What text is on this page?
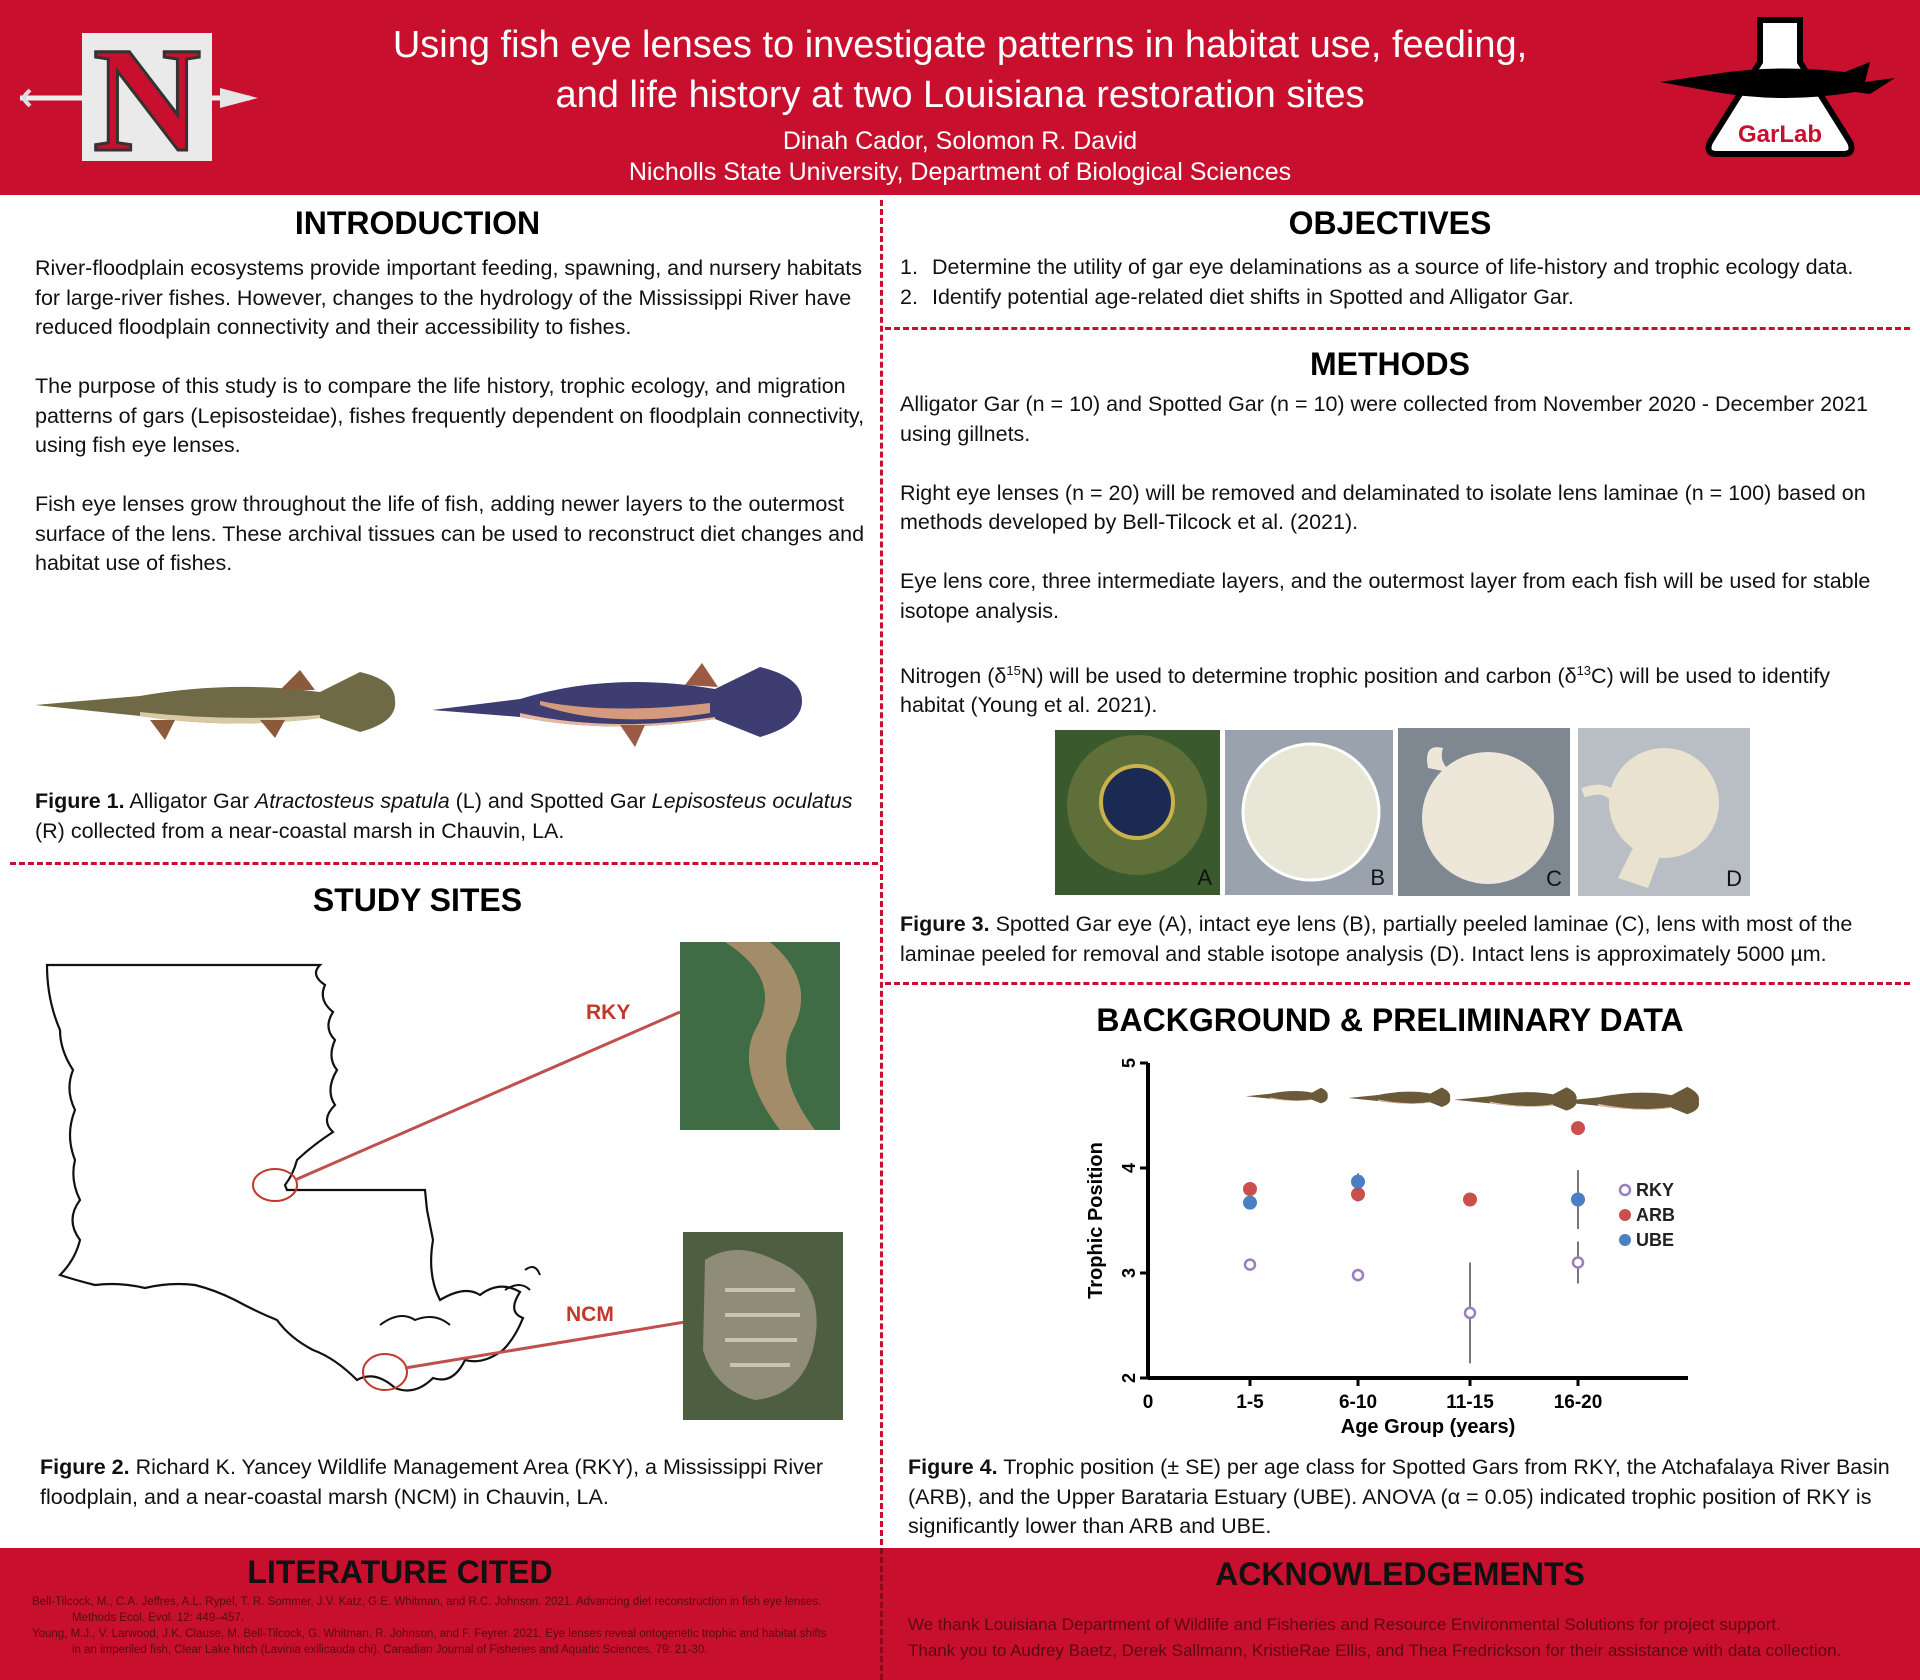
N	Using fish eye lenses to investigate patterns in habitat use, feeding,
and life history at two Louisiana restoration sites
Dinah Cador, Solomon R. David
Nicholls State University, Department of Biological Sciences
GarLab
INTRODUCTION

River-floodplain ecosystems provide important feeding, spawning, and nursery habitats for large-river fishes. However, changes to the hydrology of the Mississippi River have reduced floodplain connectivity and their accessibility to fishes.

The purpose of this study is to compare the life history, trophic ecology, and migration patterns of gars (Lepisosteidae), fishes frequently dependent on floodplain connectivity, using fish eye lenses.

Fish eye lenses grow throughout the life of fish, adding newer layers to the outermost surface of the lens. These archival tissues can be used to reconstruct diet changes and habitat use of fishes.

Figure 1. Alligator Gar Atractosteus spatula (L) and Spotted Gar Lepisosteus oculatus (R) collected from a near-coastal marsh in Chauvin, LA.
STUDY SITES
RKY
NCM
Figure 2. Richard K. Yancey Wildlife Management Area (RKY), a Mississippi River floodplain, and a near-coastal marsh (NCM) in Chauvin, LA.
OBJECTIVES
1. Determine the utility of gar eye delaminations as a source of life-history and trophic ecology data.
2. Identify potential age-related diet shifts in Spotted and Alligator Gar.
METHODS

Alligator Gar (n = 10) and Spotted Gar (n = 10) were collected from November 2020 - December 2021 using gillnets.

Right eye lenses (n = 20) will be removed and delaminated to isolate lens laminae (n = 100) based on methods developed by Bell-Tilcock et al. (2021).

Eye lens core, three intermediate layers, and the outermost layer from each fish will be used for stable isotope analysis.

Nitrogen $(\delta^{15}N)$ will be used to determine trophic position and carbon $(\delta^{13}C)$ will be used to identify habitat (Young et al. 2021).

A	B	C	D
Figure 3. Spotted Gar eye (A), intact eye lens (B), partially peeled laminae (C), lens with most of the laminae peeled for removal and stable isotope analysis (D). Intact lens is approximately 5000 µm.
BACKGROUND & PRELIMINARY DATA
2
3
4
5
0	1-5	6-10	11-15	16-20
Age Group (years)
Trophic Position	RKY
ARB
UBE
Figure 4. Trophic position (± SE) per age class for Spotted Gars from RKY, the Atchafalaya River Basin (ARB), and the Upper Barataria Estuary (UBE). ANOVA (α = 0.05) indicated trophic position of RKY is significantly lower than ARB and UBE.
LITERATURE CITED
Bell-Tilcock, M., C.A. Jeffres, A.L. Rypel, T. R. Sommer, J.V. Katz, G.E. Whitman, and R.C. Johnson. 2021. Advancing diet reconstruction in fish eye lenses. Methods Ecol. Evol. 12: 449–457.
Young, M.J., V. Larwood, J.K. Clause, M. Bell-Tilcock, G. Whitman, R. Johnson, and F. Feyrer. 2021. Eye lenses reveal ontogenetic trophic and habitat shifts in an imperiled fish, Clear Lake hitch (Lavinia exilicauda chi). Canadian Journal of Fisheries and Aquatic Sciences. 79: 21-30.
ACKNOWLEDGEMENTS
We thank Louisiana Department of Wildlife and Fisheries and Resource Environmental Solutions for project support.
Thank you to Audrey Baetz, Derek Sallmann, KristieRae Ellis, and Thea Fredrickson for their assistance with data collection.
